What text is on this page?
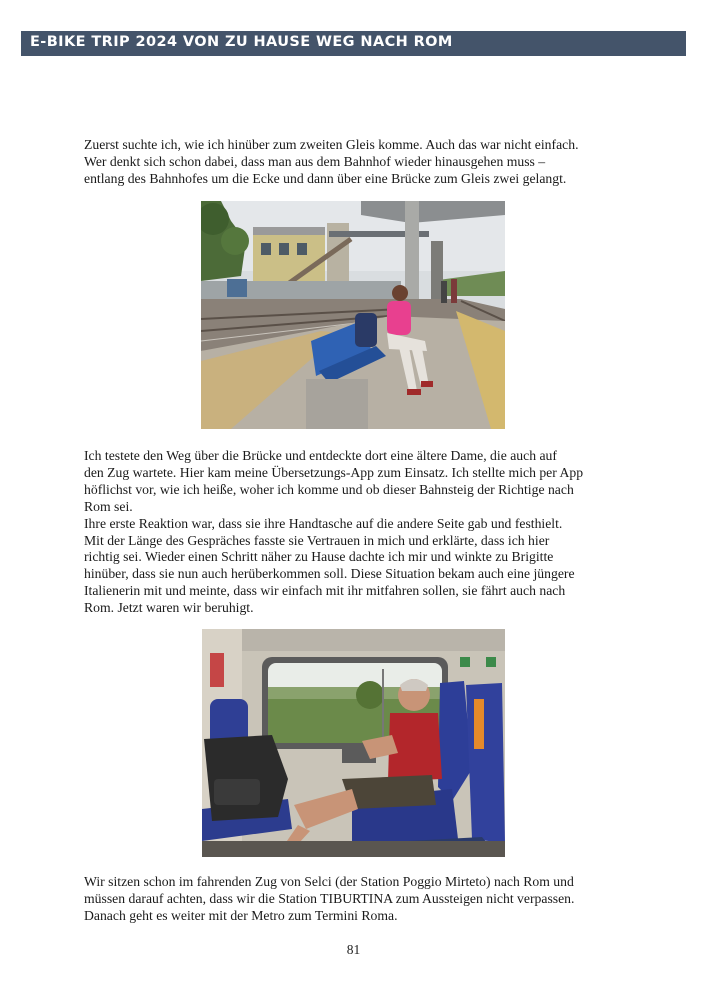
E-BIKE TRIP 2024 VON ZU HAUSE WEG NACH ROM
Zuerst suchte ich, wie ich hinüber zum zweiten Gleis komme. Auch das war nicht einfach.
Wer denkt sich schon dabei, dass man aus dem Bahnhof wieder hinausgehen muss –
entlang des Bahnhofes um die Ecke und dann über eine Brücke zum Gleis zwei gelangt.
Ich testete den Weg über die Brücke und entdeckte dort eine ältere Dame, die auch auf
den Zug wartete. Hier kam meine Übersetzungs-App zum Einsatz. Ich stellte mich per App
höflichst vor, wie ich heiße, woher ich komme und ob dieser Bahnsteig der Richtige nach
Rom sei.
Ihre erste Reaktion war, dass sie ihre Handtasche auf die andere Seite gab und festhielt.
Mit der Länge des Gespräches fasste sie Vertrauen in mich und erklärte, dass ich hier
richtig sei. Wieder einen Schritt näher zu Hause dachte ich mir und winkte zu Brigitte
hinüber, dass sie nun auch herüberkommen soll. Diese Situation bekam auch eine jüngere
Italienerin mit und meinte, dass wir einfach mit ihr mitfahren sollen, sie fährt auch nach
Rom. Jetzt waren wir beruhigt.
Wir sitzen schon im fahrenden Zug von Selci (der Station Poggio Mirteto) nach Rom und
müssen darauf achten, dass wir die Station TIBURTINA zum Aussteigen nicht verpassen.
Danach geht es weiter mit der Metro zum Termini Roma.
81
